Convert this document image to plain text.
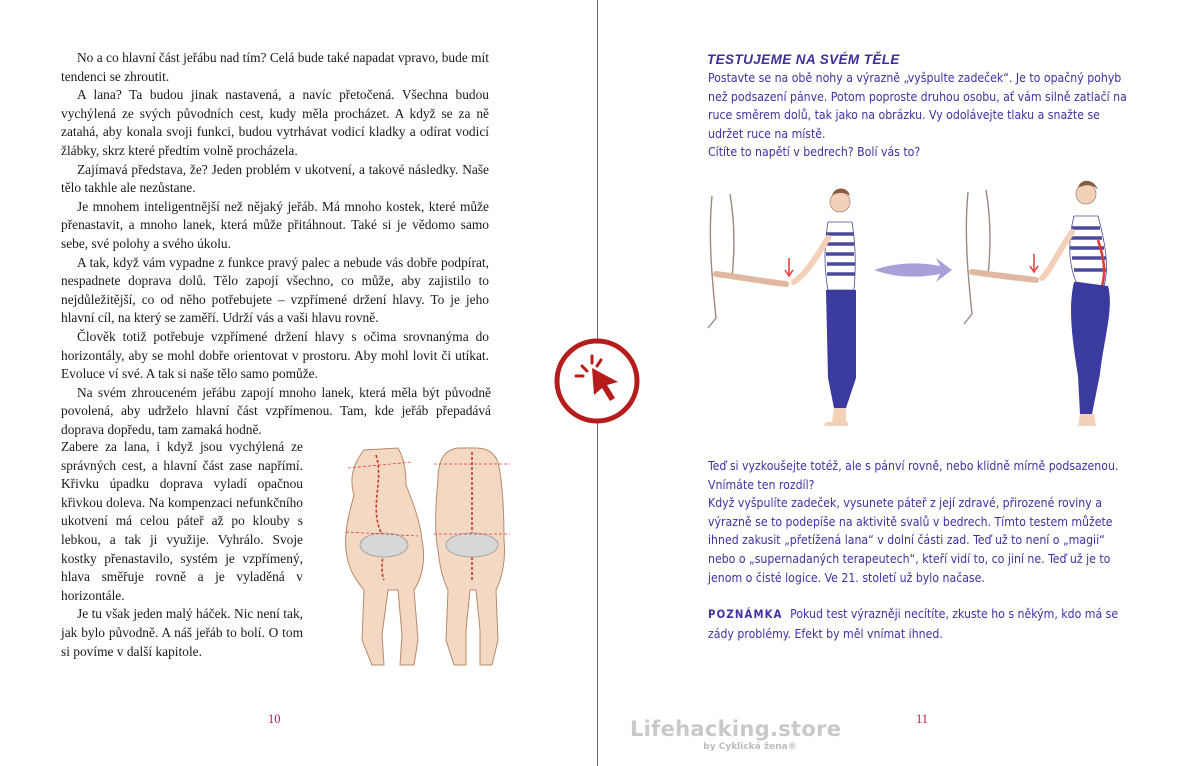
No a co hlavní část jeřábu nad tím? Celá bude také napadat vpravo, bude mít tendenci se zhroutit.

A lana? Ta budou jinak nastavená, a navíc přetočená. Všechna budou vychýlená ze svých původních cest, kudy měla procházet. A když se za ně zatahá, aby konala svoji funkci, budou vytrhávat vodicí kladky a odírat vodicí žlábky, skrz které předtím volně procházela.

Zajímavá představa, že? Jeden problém v ukotvení, a takové následky. Naše tělo takhle ale nezůstane.

Je mnohem inteligentnější než nějaký jeřáb. Má mnoho kostek, které může přenastavit, a mnoho lanek, která může přitáhnout. Také si je vědomo samo sebe, své polohy a svého úkolu.

A tak, když vám vypadne z funkce pravý palec a nebude vás dobře podpírat, nespadnete doprava dolů. Tělo zapojí všechno, co může, aby zajistilo to nejdůležitější, co od něho potřebujete – vzpřímené držení hlavy. To je jeho hlavní cíl, na který se zaměří. Udrží vás a vaši hlavu rovně.

Člověk totiž potřebuje vzpřímené držení hlavy s očima srovnanýma do horizontály, aby se mohl dobře orientovat v prostoru. Aby mohl lovit či utíkat. Evoluce ví své. A tak si naše tělo samo pomůže.

Na svém zhrouceném jeřábu zapojí mnoho lanek, která měla být původně povolená, aby udrželo hlavní část vzpřímenou. Tam, kde jeřáb přepadává doprava dopředu, tam zamaká hodně.

Zabere za lana, i když jsou vychýlená ze správných cest, a hlavní část zase napřímí. Křivku úpadku doprava vyladí opačnou křivkou doleva. Na kompenzaci nefunkčního ukotvení má celou páteř až po klouby s lebkou, a tak ji využije. Vyhrálo. Svoje kostky přenastavilo, systém je vzpřímený, hlava směřuje rovně a je vyladěná v horizontále.

Je tu však jeden malý háček. Nic není tak, jak bylo původně. A náš jeřáb to bolí. O tom si povíme v další kapitole.

10
TESTUJEME NA SVÉM TĚLE

Postavte se na obě nohy a výrazně „vyšpulte zadeček“. Je to opačný pohyb než podsazení pánve. Potom poproste druhou osobu, ať vám silně zatlačí na ruce směrem dolů, tak jako na obrázku. Vy odolávejte tlaku a snažte se udržet ruce na místě.

Cítíte to napětí v bedrech? Bolí vás to?

Teď si vyzkoušejte totéž, ale s pánví rovně, nebo klidně mírně podsazenou. Vnímáte ten rozdíl?

Když vyšpulíte zadeček, vysunete páteř z její zdravé, přirozené roviny a výrazně se to podepíše na aktivitě svalů v bedrech. Tímto testem můžete ihned zakusit „přetížená lana“ v dolní části zad. Teď už to není o „magii“ nebo o „supernadaných terapeutech“, kteří vidí to, co jiní ne. Teď už je to jenom o čisté logice. Ve 21. století už bylo načase.

POZNÁMKA Pokud test výrazněji necítíte, zkuste ho s někým, kdo má se zády problémy. Efekt by měl vnímat ihned.

11
Lifehacking.store
by Cyklická žena®
